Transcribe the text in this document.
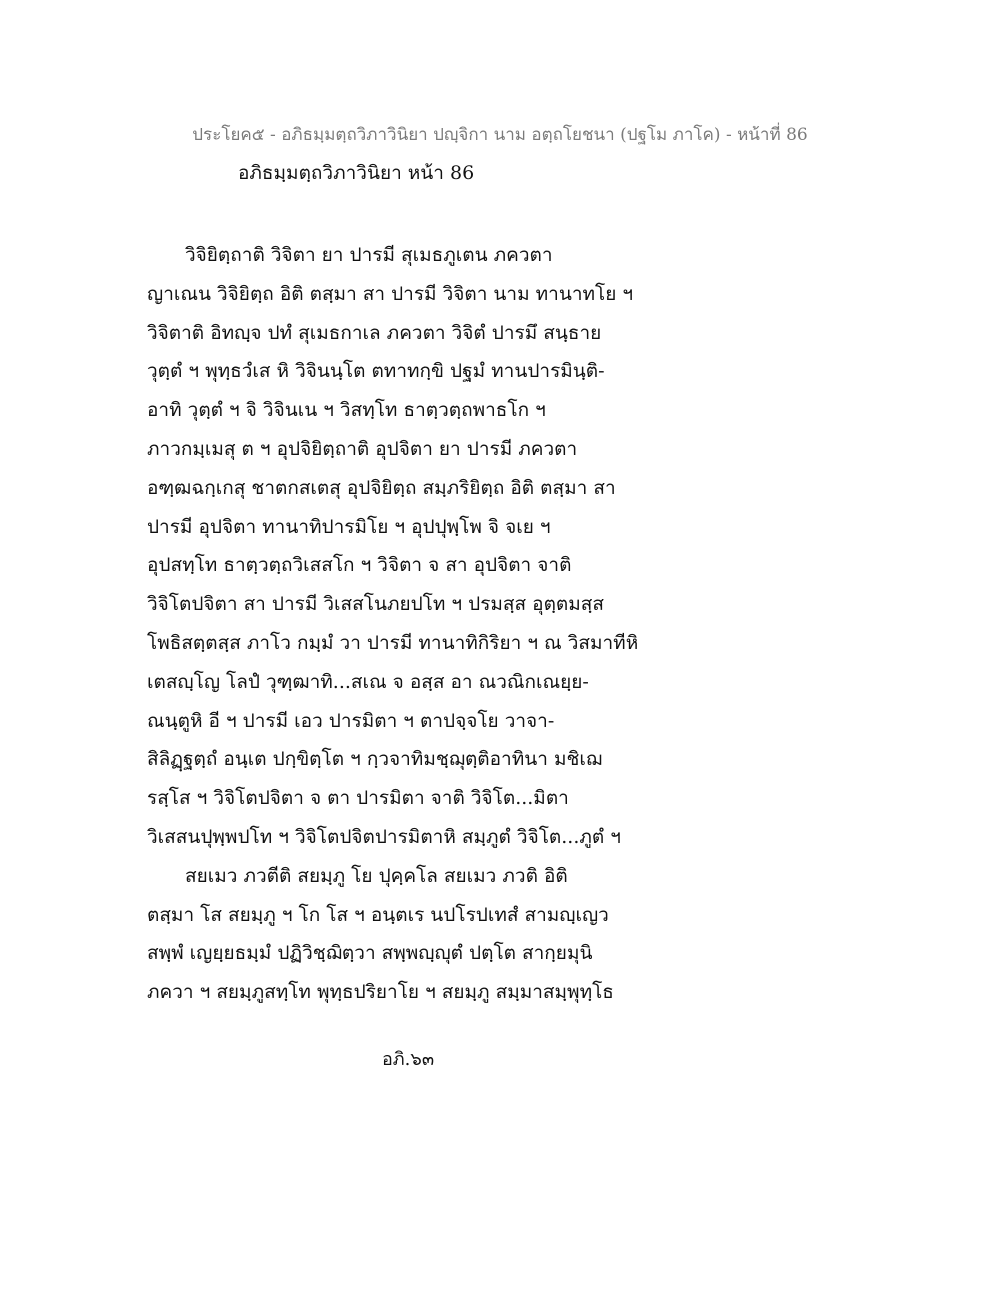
ประโยค๕ - อภิธมฺมตฺถวิภาวินิยา ปญฺจิกา นาม อตฺถโยชนา (ปฐโม ภาโค) - หน้าที่ 86
อภิธมฺมตฺถวิภาวินิยา หน้า 86
วิจิยิตฺถาติ วิจิตา ยา ปารมี สุเมธภูเตน ภควตา
ญาเณน วิจิยิตฺถ อิติ ตสฺมา สา ปารมี วิจิตา นาม ทานาทโย ฯ
วิจิตาติ อิทญฺจ ปทํ สุเมธกาเล ภควตา วิจิตํ ปารมึ สนฺธาย
วุตฺตํ ฯ พุทฺธวํเส หิ วิจินนฺโต ตทาทกฺขิ ปฐมํ ทานปารมินฺติ-
อาทิ วุตฺตํ ฯ จิ วิจินเน ฯ วิสทฺโท ธาตฺวตฺถพาธโก ฯ
ภาวกมฺเมสุ ต ฯ อุปจิยิตฺถาติ อุปจิตา ยา ปารมี ภควตา
อฑฺฒฉกฺเกสุ ชาตกสเตสุ อุปจิยิตฺถ สมฺภริยิตฺถ อิติ ตสฺมา สา
ปารมี อุปจิตา ทานาทิปารมิโย ฯ อุปปุพฺโพ จิ จเย ฯ
อุปสทฺโท ธาตฺวตฺถวิเสสโก ฯ วิจิตา จ สา อุปจิตา จาติ
วิจิโตปจิตา สา ปารมี วิเสสโนภยปโท ฯ ปรมสฺส อุตฺตมสฺส
โพธิสตฺตสฺส ภาโว กมฺมํ วา ปารมี ทานาทิกิริยา ฯ ณ วิสมาทีหิ
เตสญฺโญ โลปํ วุฑฺฒาทิ...สเณ จ อสฺส อา ณวณิกเณยฺย-
ณนฺตูหิ อี ฯ ปารมี เอว ปารมิตา ฯ ตาปจฺจโย วาจา-
สิลิฏฺฐตฺถํ อนฺเต ปกฺขิตฺโต ฯ กฺวจาทิมชฺฌุตฺติอาทินา มชิเฌ
รสฺโส ฯ วิจิโตปจิตา จ ตา ปารมิตา จาติ วิจิโต...มิตา
วิเสสนปุพฺพปโท ฯ วิจิโตปจิตปารมิตาหิ สมฺภูตํ วิจิโต...ภูตํ ฯ
สยเมว ภวตีติ สยมฺภู โย ปุคฺคโล สยเมว ภวติ อิติ
ตสฺมา โส สยมฺภู ฯ โก โส ฯ อนฺตเร นปโรปเทสํ สามญฺเญว
สพฺพํ เญยฺยธมฺมํ ปฏิวิชฺฌิตฺวา สพฺพญฺญุตํ ปตฺโต สากฺยมุนิ
ภควา ฯ สยมฺภูสทฺโท พุทฺธปริยาโย ฯ สยมฺภู สมฺมาสมฺพุทฺโธ
อภิ.๖๓
